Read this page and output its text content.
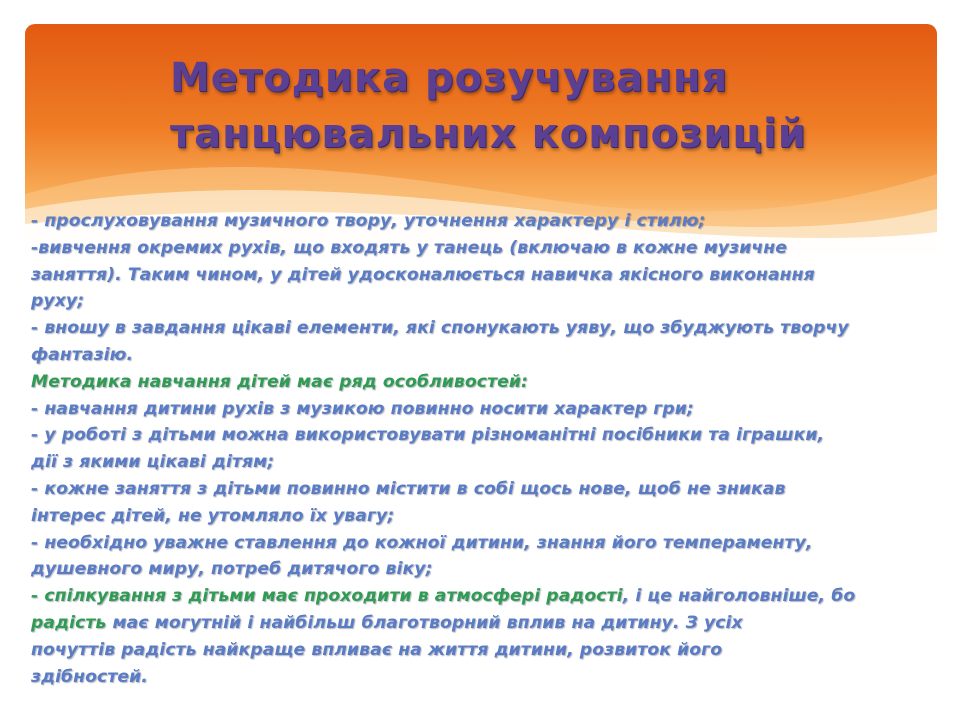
Методика розучування
танцювальних композицій
- прослуховування музичного твору, уточнення характеру і стилю;
-вивчення окремих рухів, що входять у танець (включаю в кожне музичне
заняття). Таким чином, у дітей удосконалюється навичка якісного виконання
руху;
- вношу в завдання цікаві елементи, які спонукають уяву, що збуджують творчу
фантазію.
Методика навчання дітей має ряд особливостей:
- навчання дитини рухів з музикою повинно носити характер гри;
- у роботі з дітьми можна використовувати різноманітні посібники та іграшки,
дії з якими цікаві дітям;
- кожне заняття з дітьми повинно містити в собі щось нове, щоб не зникав
інтерес дітей, не утомляло їх увагу;
- необхідно уважне ставлення до кожної дитини, знання його темпераменту,
душевного миру, потреб дитячого віку;
- спілкування з дітьми має проходити в атмосфері радості, і це найголовніше, бо
радість має могутній і найбільш благотворний вплив на дитину. З усіх
почуттів радість найкраще впливає на життя дитини, розвиток його
здібностей.
